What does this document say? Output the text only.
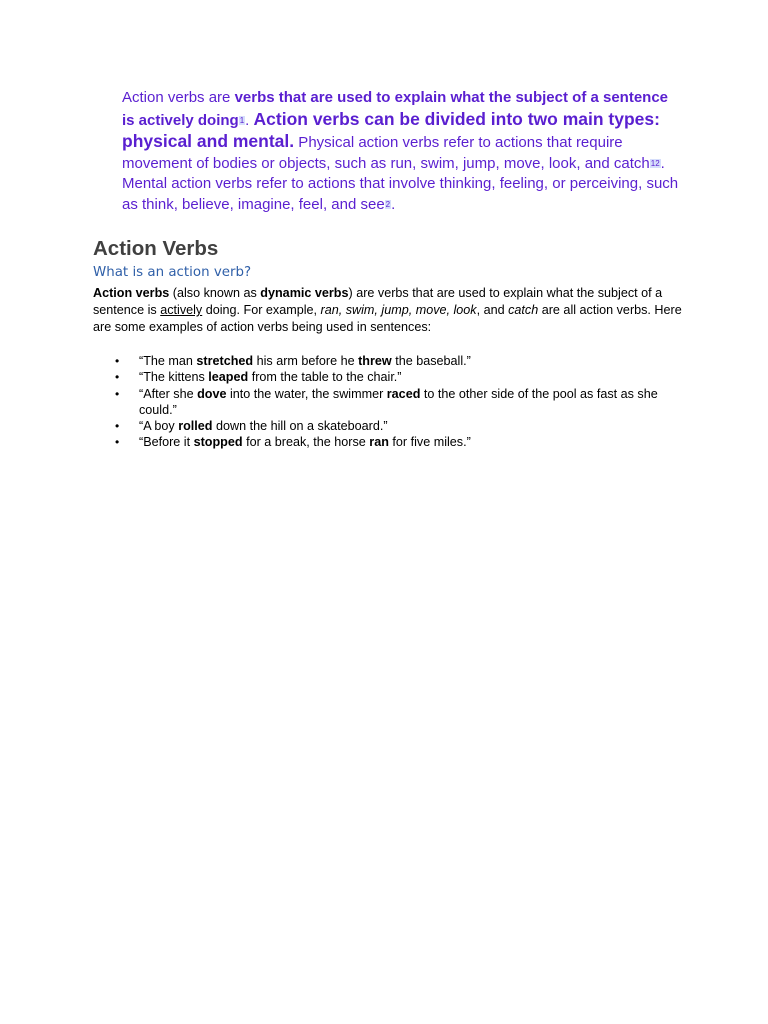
Action verbs are verbs that are used to explain what the subject of a sentence is actively doing1. Action verbs can be divided into two main types: physical and mental. Physical action verbs refer to actions that require movement of bodies or objects, such as run, swim, jump, move, look, and catch12. Mental action verbs refer to actions that involve thinking, feeling, or perceiving, such as think, believe, imagine, feel, and see2.

Action Verbs
What is an action verb?

Action verbs (also known as dynamic verbs) are verbs that are used to explain what the subject of a sentence is actively doing. For example, ran, swim, jump, move, look, and catch are all action verbs. Here are some examples of action verbs being used in sentences:

• “The man stretched his arm before he threw the baseball.”
• “The kittens leaped from the table to the chair.”
• “After she dove into the water, the swimmer raced to the other side of the pool as fast as she could.”
• “A boy rolled down the hill on a skateboard.”
• “Before it stopped for a break, the horse ran for five miles.”
